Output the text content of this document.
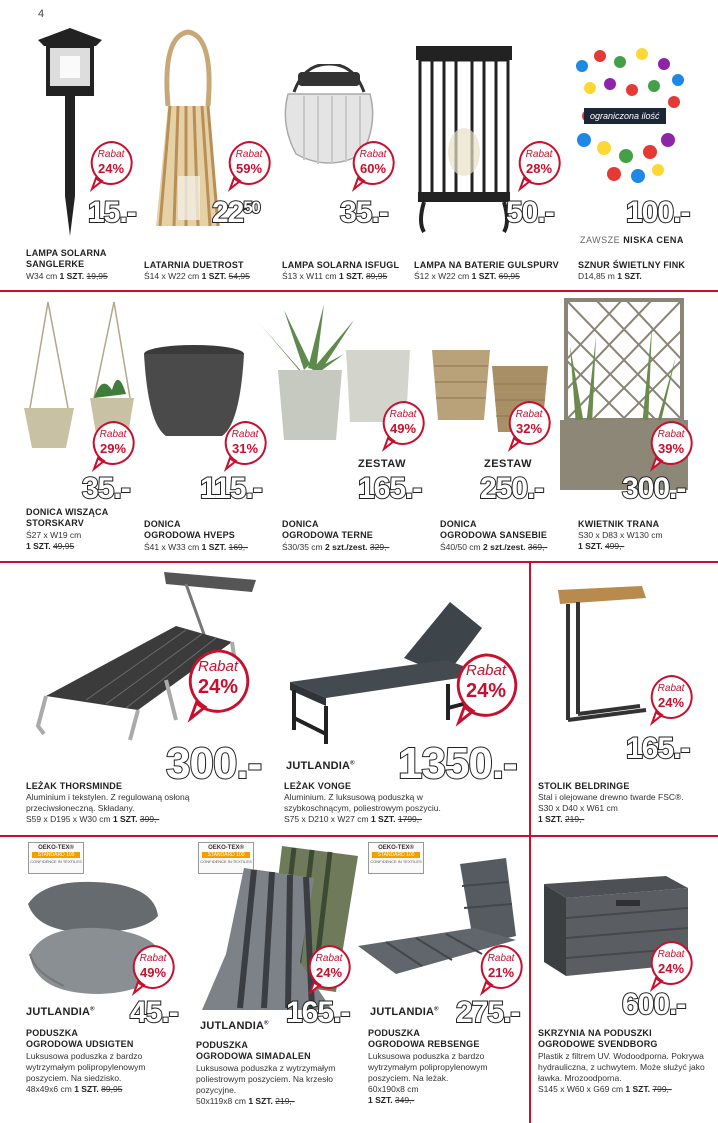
4
Rabat
24%
15.-
LAMPA SOLARNA
SANGLERKE
W34 cm 1 SZT. 19,95
Rabat
59%
$22^{50}$
LATARNIA DUETROST
Ś14 x W22 cm 1 SZT. 54,95
Rabat
60%
35.-
LAMPA SOLARNA ISFUGL
Ś13 x W11 cm 1 SZT. 89,95
Rabat
28%
50.-
LAMPA NA BATERIE GULSPURV
Ś12 x W22 cm 1 SZT. 69,95
ograniczona ilość
100.-
ZAWSZE NISKA CENA
SZNUR ŚWIETLNY FINK
D14,85 m 1 SZT.
Rabat
29%
35.-
DONICA WISZĄCA
STORSKARV
Ś27 x W19 cm
1 SZT. 49,95
Rabat
31%
115.-
DONICA
OGRODOWA HVEPS
Ś41 x W33 cm 1 SZT. 169,-
Rabat
49%
ZESTAW
165.-
DONICA
OGRODOWA TERNE
Ś30/35 cm 2 szt./zest. 329,-
Rabat
32%
ZESTAW
250.-
DONICA
OGRODOWA SANSEBIE
Ś40/50 cm 2 szt./zest. 369,-
Rabat
39%
300.-
KWIETNIK TRANA
S30 x D83 x W130 cm
1 SZT. 499,-
Rabat
24%
300.-
LEŻAK THORSMINDE
Aluminium i tekstylen. Z regulowaną osłoną przeciwsłoneczną. Składany.
S59 x D195 x W30 cm 1 SZT. 399,-
Rabat
24%
JUTLANDIA® 1350.-
LEŻAK VONGE
Aluminium. Z luksusową poduszką w szybkoschnącym, poliestrowym poszyciu.
S75 x D210 x W27 cm 1 SZT. 1799,-
Rabat
24%
165.-
STOLIK BELDRINGE
Stal i olejowane drewno twarde FSC®. S30 x D40 x W61 cm
1 SZT. 219,-
OEKO-TEX®
STANDARD 100
CONFIDENCE IN TEXTILES
Rabat
49%
JUTLANDIA® 45.-
PODUSZKA
OGRODOWA UDSIGTEN
Luksusowa poduszka z bardzo wytrzymałym polipropylenowym poszyciem. Na siedzisko.
48x49x6 cm 1 SZT. 89,95
OEKO-TEX®
STANDARD 100
CONFIDENCE IN TEXTILES
Rabat
24%
JUTLANDIA® 165.-
PODUSZKA
OGRODOWA SIMADALEN
Luksusowa poduszka z wytrzymałym poliestrowym poszyciem. Na krzesło pozycyjne.
50x119x8 cm 1 SZT. 219,-
OEKO-TEX®
STANDARD 100
CONFIDENCE IN TEXTILES
Rabat
21%
JUTLANDIA® 275.-
PODUSZKA
OGRODOWA REBSENGE
Luksusowa poduszka z bardzo wytrzymałym polipropylenowym poszyciem. Na leżak.
60x190x8 cm
1 SZT. 349,-
Rabat
24%
600.-
SKRZYNIA NA PODUSZKI
OGRODOWE SVENDBORG
Plastik z filtrem UV. Wodoodporna. Pokrywa hydrauliczna, z uchwytem. Może służyć jako ławka. Mrozoodporna.
S145 x W60 x G69 cm 1 SZT. 799,-
